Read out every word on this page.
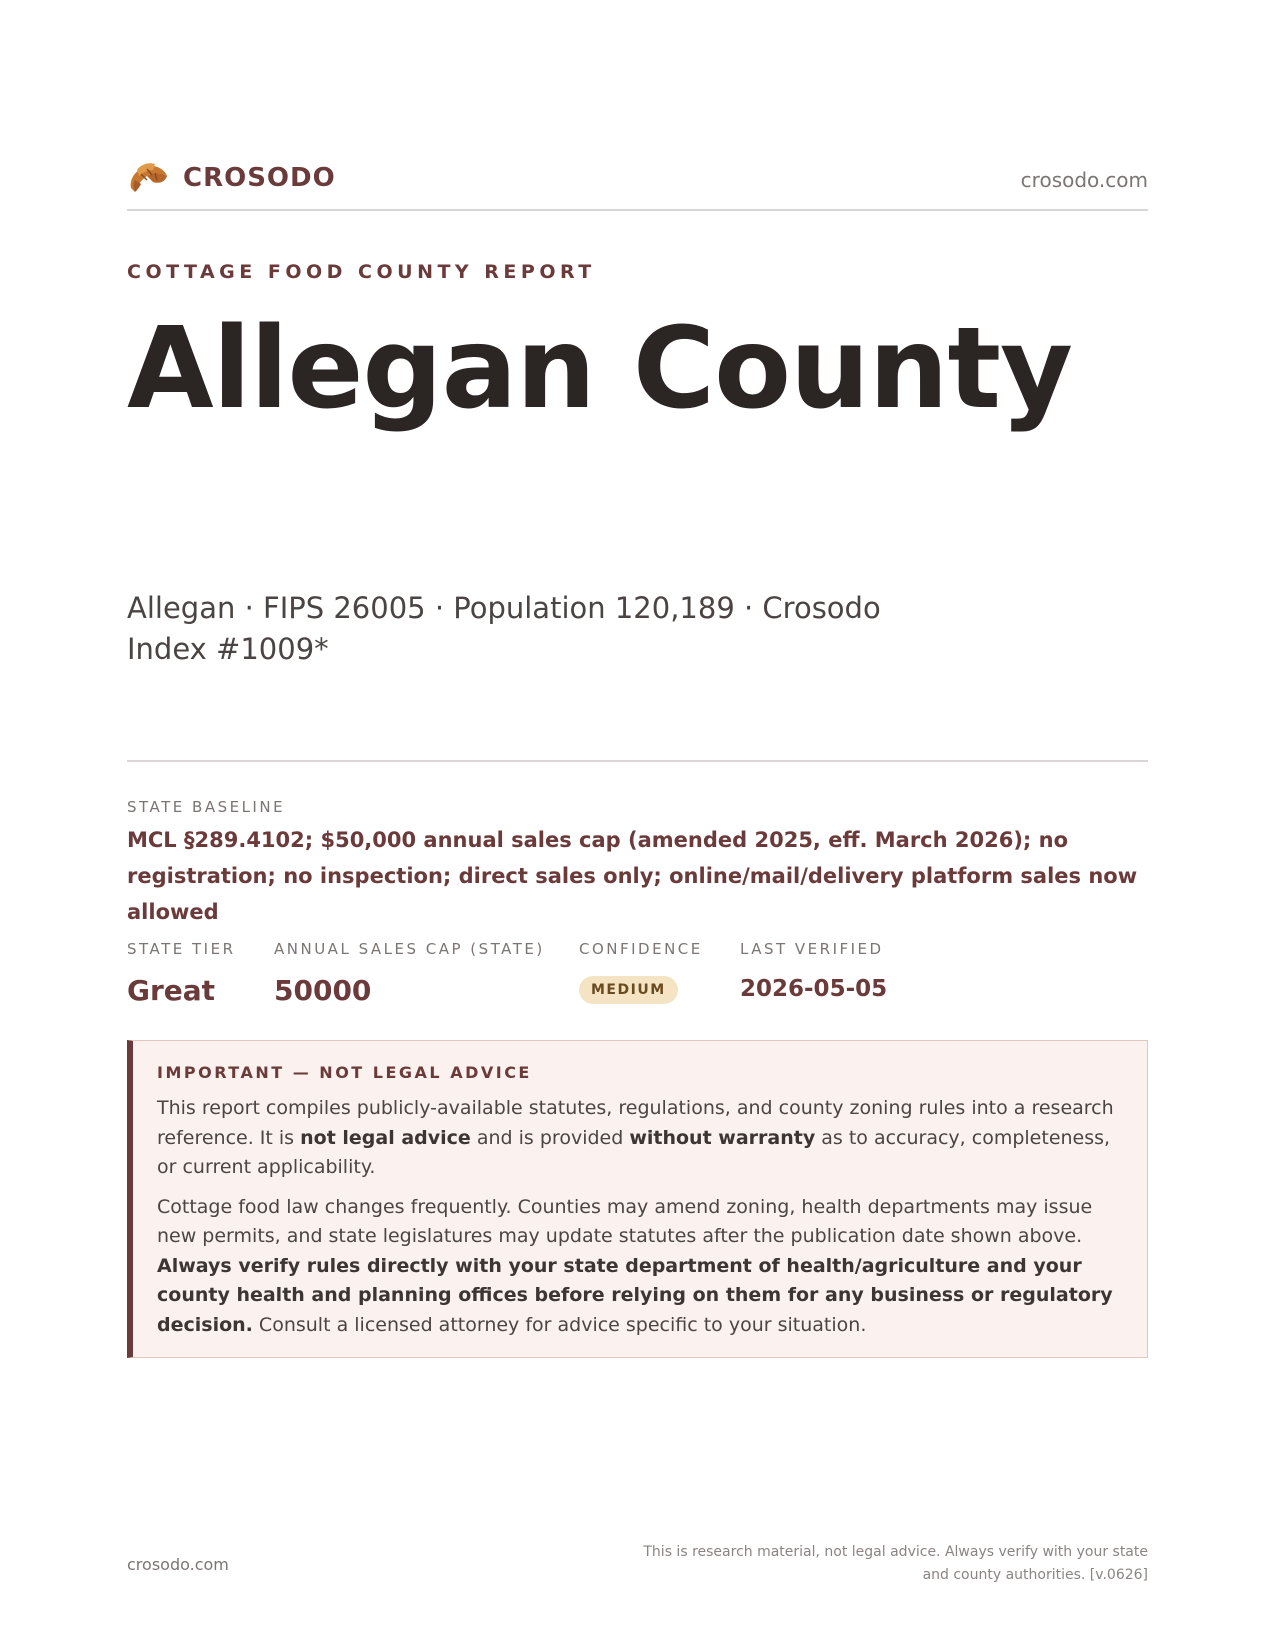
CROSODO	crosodo.com
COTTAGE FOOD COUNTY REPORT
Allegan County
Allegan · FIPS 26005 · Population 120,189 · Crosodo Index #1009*
STATE BASELINE
MCL §289.4102; $50,000 annual sales cap (amended 2025, eff. March 2026); no registration; no inspection; direct sales only; online/mail/delivery platform sales now allowed
STATE TIER
Great
ANNUAL SALES CAP (STATE)
50000
CONFIDENCE
MEDIUM
LAST VERIFIED
2026-05-05
IMPORTANT — NOT LEGAL ADVICE

This report compiles publicly-available statutes, regulations, and county zoning rules into a research reference. It is not legal advice and is provided without warranty as to accuracy, completeness, or current applicability.

Cottage food law changes frequently. Counties may amend zoning, health departments may issue new permits, and state legislatures may update statutes after the publication date shown above. Always verify rules directly with your state department of health/agriculture and your county health and planning offices before relying on them for any business or regulatory decision. Consult a licensed attorney for advice specific to your situation.

crosodo.com
This is research material, not legal advice. Always verify with your state and county authorities. [v.0626]
